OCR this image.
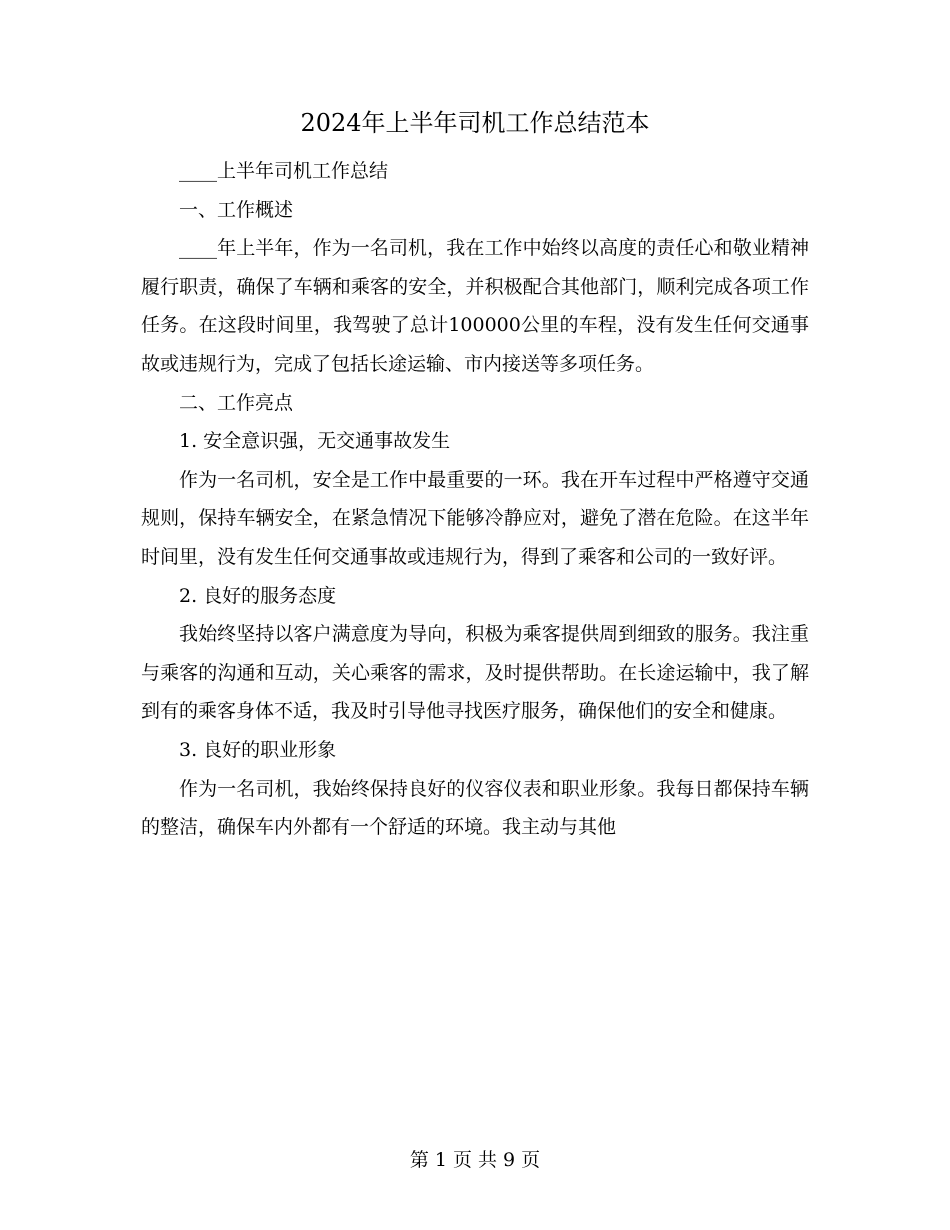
2024年上半年司机工作总结范本

____上半年司机工作总结

一、工作概述

____年上半年，作为一名司机，我在工作中始终以高度的责任心和敬业精神履行职责，确保了车辆和乘客的安全，并积极配合其他部门，顺利完成各项工作任务。在这段时间里，我驾驶了总计100000公里的车程，没有发生任何交通事故或违规行为，完成了包括长途运输、市内接送等多项任务。

二、工作亮点

1. 安全意识强，无交通事故发生

作为一名司机，安全是工作中最重要的一环。我在开车过程中严格遵守交通规则，保持车辆安全，在紧急情况下能够冷静应对，避免了潜在危险。在这半年时间里，没有发生任何交通事故或违规行为，得到了乘客和公司的一致好评。

2. 良好的服务态度

我始终坚持以客户满意度为导向，积极为乘客提供周到细致的服务。我注重与乘客的沟通和互动，关心乘客的需求，及时提供帮助。在长途运输中，我了解到有的乘客身体不适，我及时引导他寻找医疗服务，确保他们的安全和健康。

3. 良好的职业形象

作为一名司机，我始终保持良好的仪容仪表和职业形象。我每日都保持车辆的整洁，确保车内外都有一个舒适的环境。我主动与其他

第 1 页 共 9 页
